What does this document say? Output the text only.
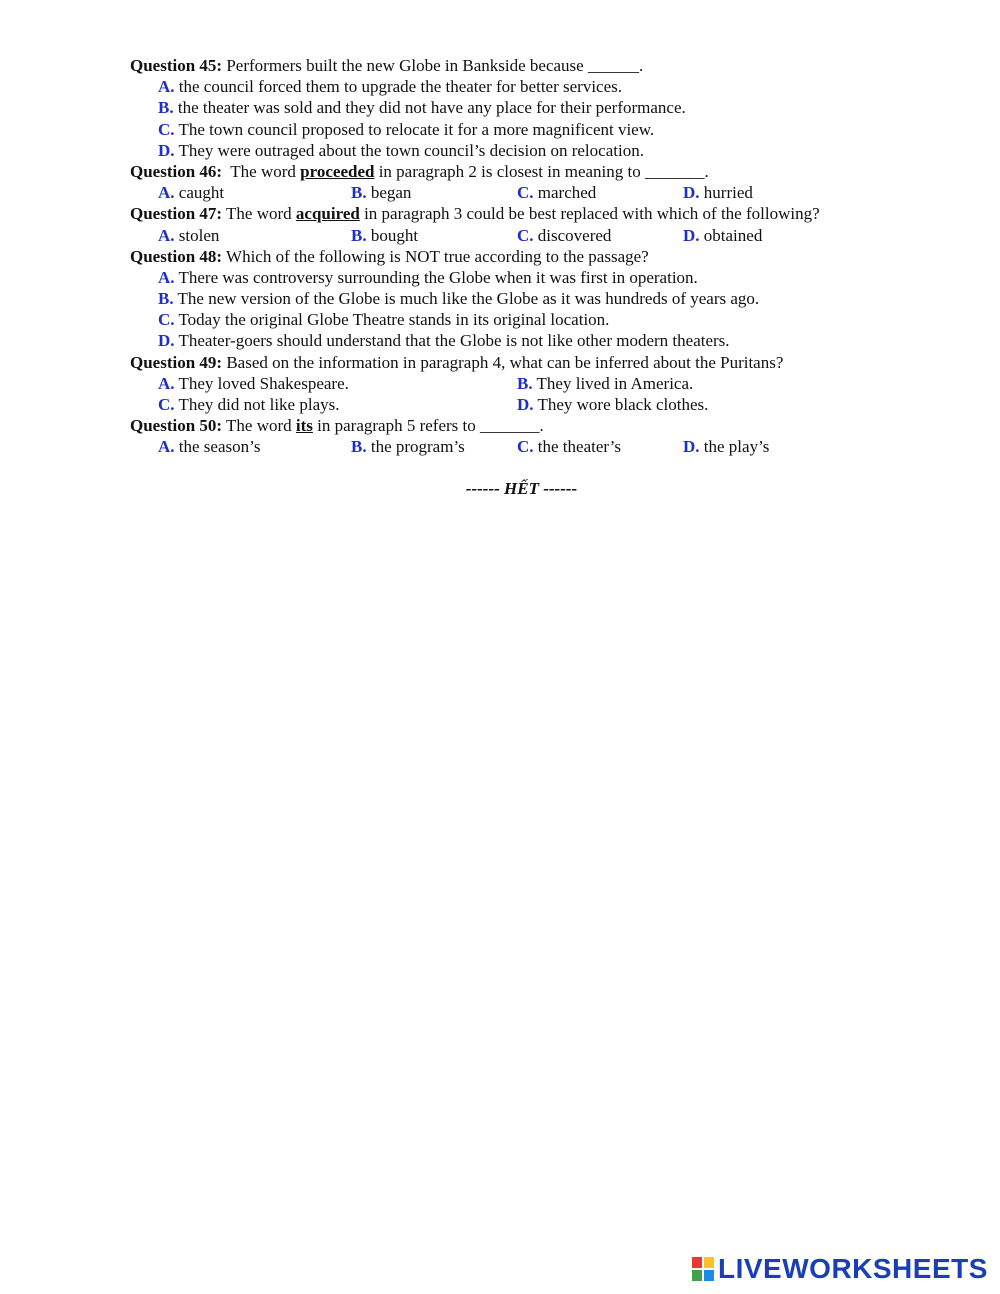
Question 45: Performers built the new Globe in Bankside because ______.
A. the council forced them to upgrade the theater for better services.
B. the theater was sold and they did not have any place for their performance.
C. The town council proposed to relocate it for a more magnificent view.
D. They were outraged about the town council’s decision on relocation.
Question 46:  The word proceeded in paragraph 2 is closest in meaning to _______.
A. caught	B. began	C. marched	D. hurried
Question 47: The word acquired in paragraph 3 could be best replaced with which of the following?
A. stolen	B. bought	C. discovered	D. obtained
Question 48: Which of the following is NOT true according to the passage?
A. There was controversy surrounding the Globe when it was first in operation.
B. The new version of the Globe is much like the Globe as it was hundreds of years ago.
C. Today the original Globe Theatre stands in its original location.
D. Theater-goers should understand that the Globe is not like other modern theaters.
Question 49: Based on the information in paragraph 4, what can be inferred about the Puritans?
A. They loved Shakespeare.	B. They lived in America.
C. They did not like plays.	D. They wore black clothes.
Question 50: The word its in paragraph 5 refers to _______.
A. the season’s	B. the program’s	C. the theater’s	D. the play’s
------ HẾT ------
LIVEWORKSHEETS
